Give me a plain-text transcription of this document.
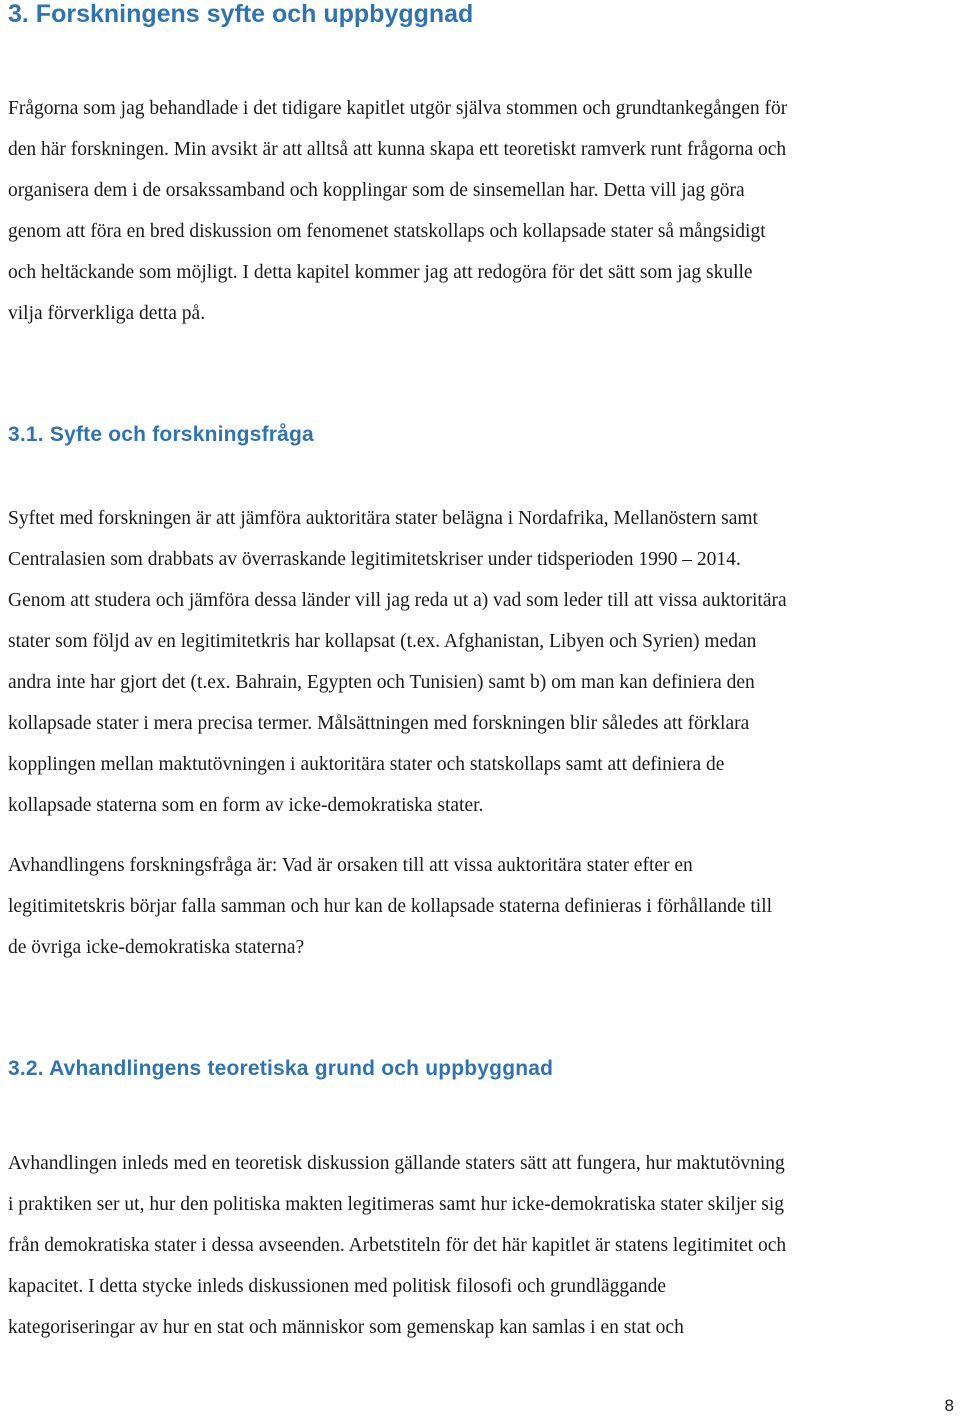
3. Forskningens syfte och uppbyggnad
Frågorna som jag behandlade i det tidigare kapitlet utgör själva stommen och grundtankegången för
den här forskningen. Min avsikt är att alltså att kunna skapa ett teoretiskt ramverk runt frågorna och
organisera dem i de orsakssamband och kopplingar som de sinsemellan har. Detta vill jag göra
genom att föra en bred diskussion om fenomenet statskollaps och kollapsade stater så mångsidigt
och heltäckande som möjligt. I detta kapitel kommer jag att redogöra för det sätt som jag skulle
vilja förverkliga detta på.
3.1. Syfte och forskningsfråga
Syftet med forskningen är att jämföra auktoritära stater belägna i Nordafrika, Mellanöstern samt
Centralasien som drabbats av överraskande legitimitetskriser under tidsperioden 1990 – 2014.
Genom att studera och jämföra dessa länder vill jag reda ut a) vad som leder till att vissa auktoritära
stater som följd av en legitimitetkris har kollapsat (t.ex. Afghanistan, Libyen och Syrien) medan
andra inte har gjort det (t.ex. Bahrain, Egypten och Tunisien) samt b) om man kan definiera den
kollapsade stater i mera precisa termer. Målsättningen med forskningen blir således att förklara
kopplingen mellan maktutövningen i auktoritära stater och statskollaps samt att definiera de
kollapsade staterna som en form av icke-demokratiska stater.
Avhandlingens forskningsfråga är: Vad är orsaken till att vissa auktoritära stater efter en
legitimitetskris börjar falla samman och hur kan de kollapsade staterna definieras i förhållande till
de övriga icke-demokratiska staterna?
3.2. Avhandlingens teoretiska grund och uppbyggnad
Avhandlingen inleds med en teoretisk diskussion gällande staters sätt att fungera, hur maktutövning
i praktiken ser ut, hur den politiska makten legitimeras samt hur icke-demokratiska stater skiljer sig
från demokratiska stater i dessa avseenden. Arbetstiteln för det här kapitlet är statens legitimitet och
kapacitet. I detta stycke inleds diskussionen med politisk filosofi och grundläggande
kategoriseringar av hur en stat och människor som gemenskap kan samlas i en stat och
8
